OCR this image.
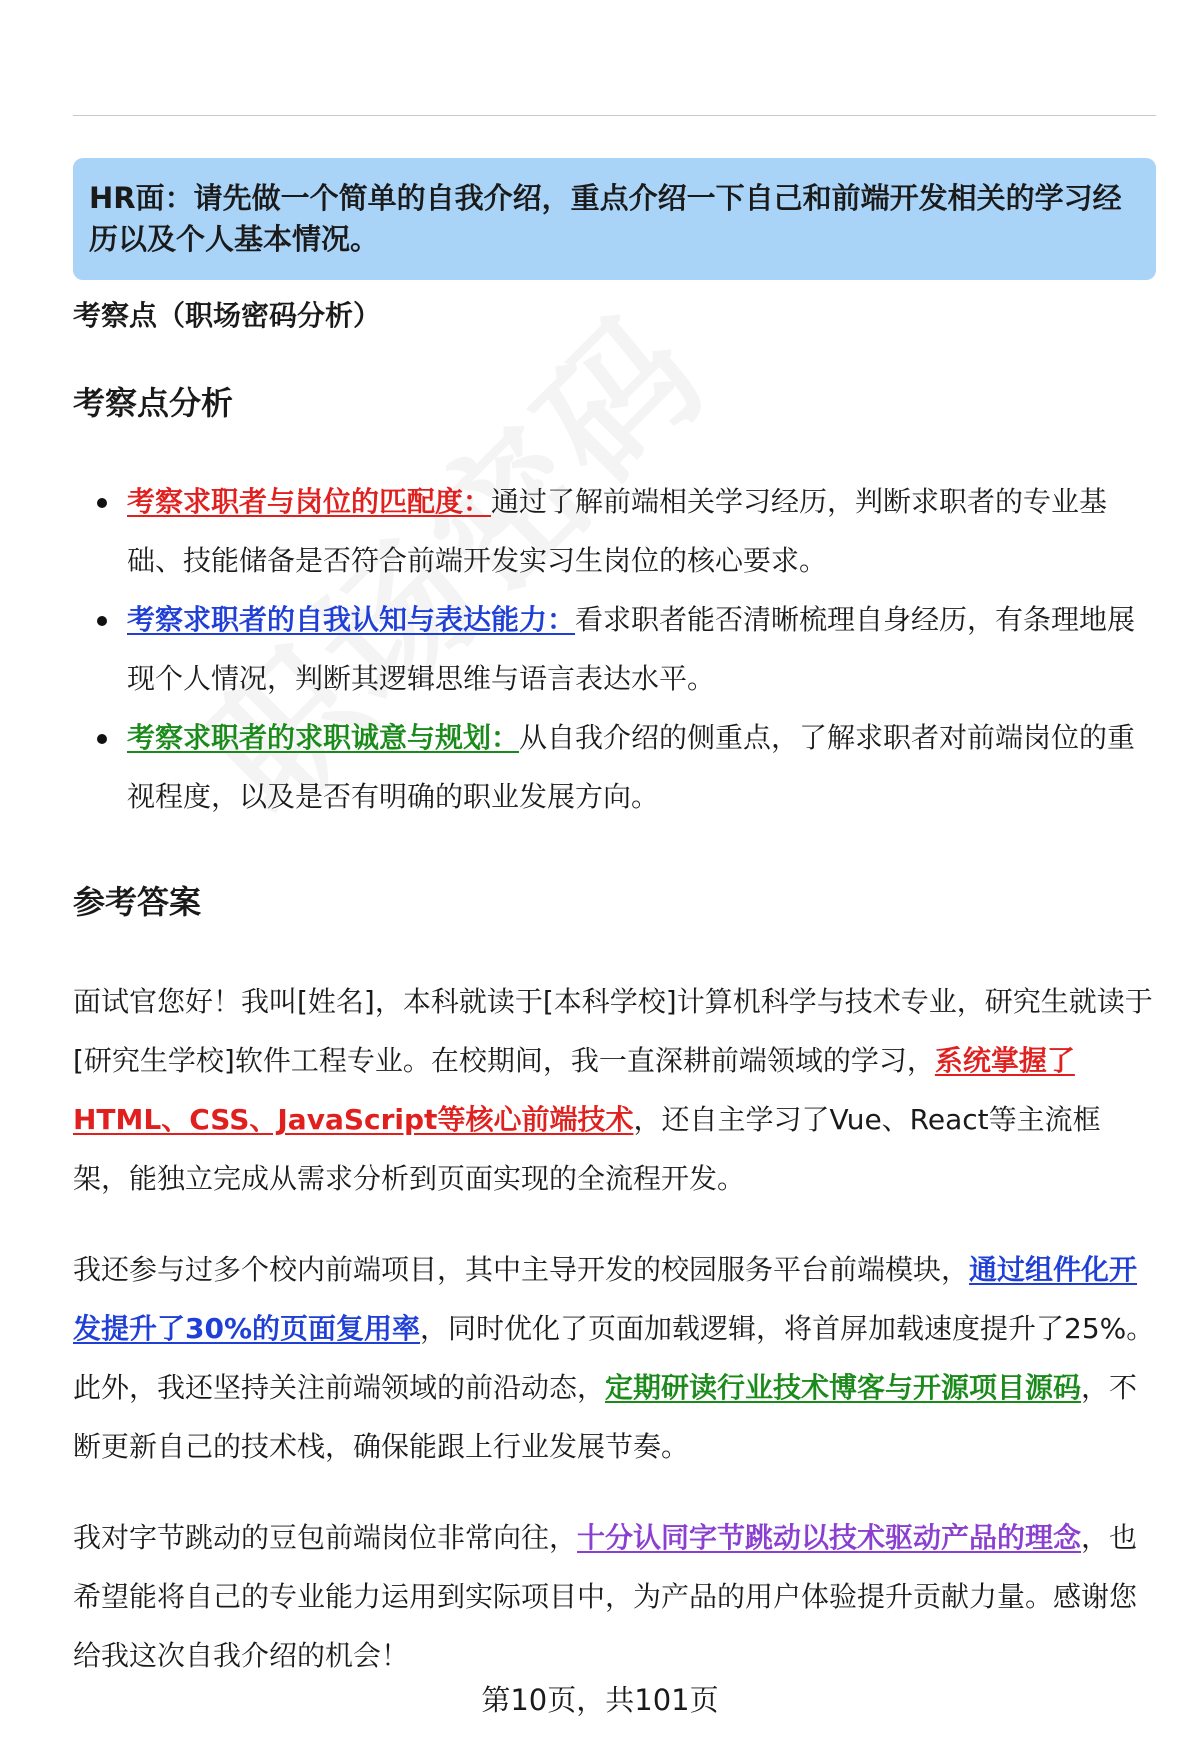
HR面：请先做一个简单的自我介绍，重点介绍一下自己和前端开发相关的学习经历以及个人基本情况。
考察点（职场密码分析）
考察点分析
考察求职者与岗位的匹配度：通过了解前端相关学习经历，判断求职者的专业基础、技能储备是否符合前端开发实习生岗位的核心要求。
考察求职者的自我认知与表达能力：看求职者能否清晰梳理自身经历，有条理地展现个人情况，判断其逻辑思维与语言表达水平。
考察求职者的求职诚意与规划：从自我介绍的侧重点，了解求职者对前端岗位的重视程度，以及是否有明确的职业发展方向。
参考答案

面试官您好！我叫[姓名]，本科就读于[本科学校]计算机科学与技术专业，研究生就读于[研究生学校]软件工程专业。在校期间，我一直深耕前端领域的学习，系统掌握了HTML、CSS、JavaScript等核心前端技术，还自主学习了Vue、React等主流框架，能独立完成从需求分析到页面实现的全流程开发。

我还参与过多个校内前端项目，其中主导开发的校园服务平台前端模块，通过组件化开发提升了30%的页面复用率，同时优化了页面加载逻辑，将首屏加载速度提升了25%。此外，我还坚持关注前端领域的前沿动态，定期研读行业技术博客与开源项目源码，不断更新自己的技术栈，确保能跟上行业发展节奏。

我对字节跳动的豆包前端岗位非常向往，十分认同字节跳动以技术驱动产品的理念，也希望能将自己的专业能力运用到实际项目中，为产品的用户体验提升贡献力量。感谢您给我这次自我介绍的机会！

第10页，共101页
